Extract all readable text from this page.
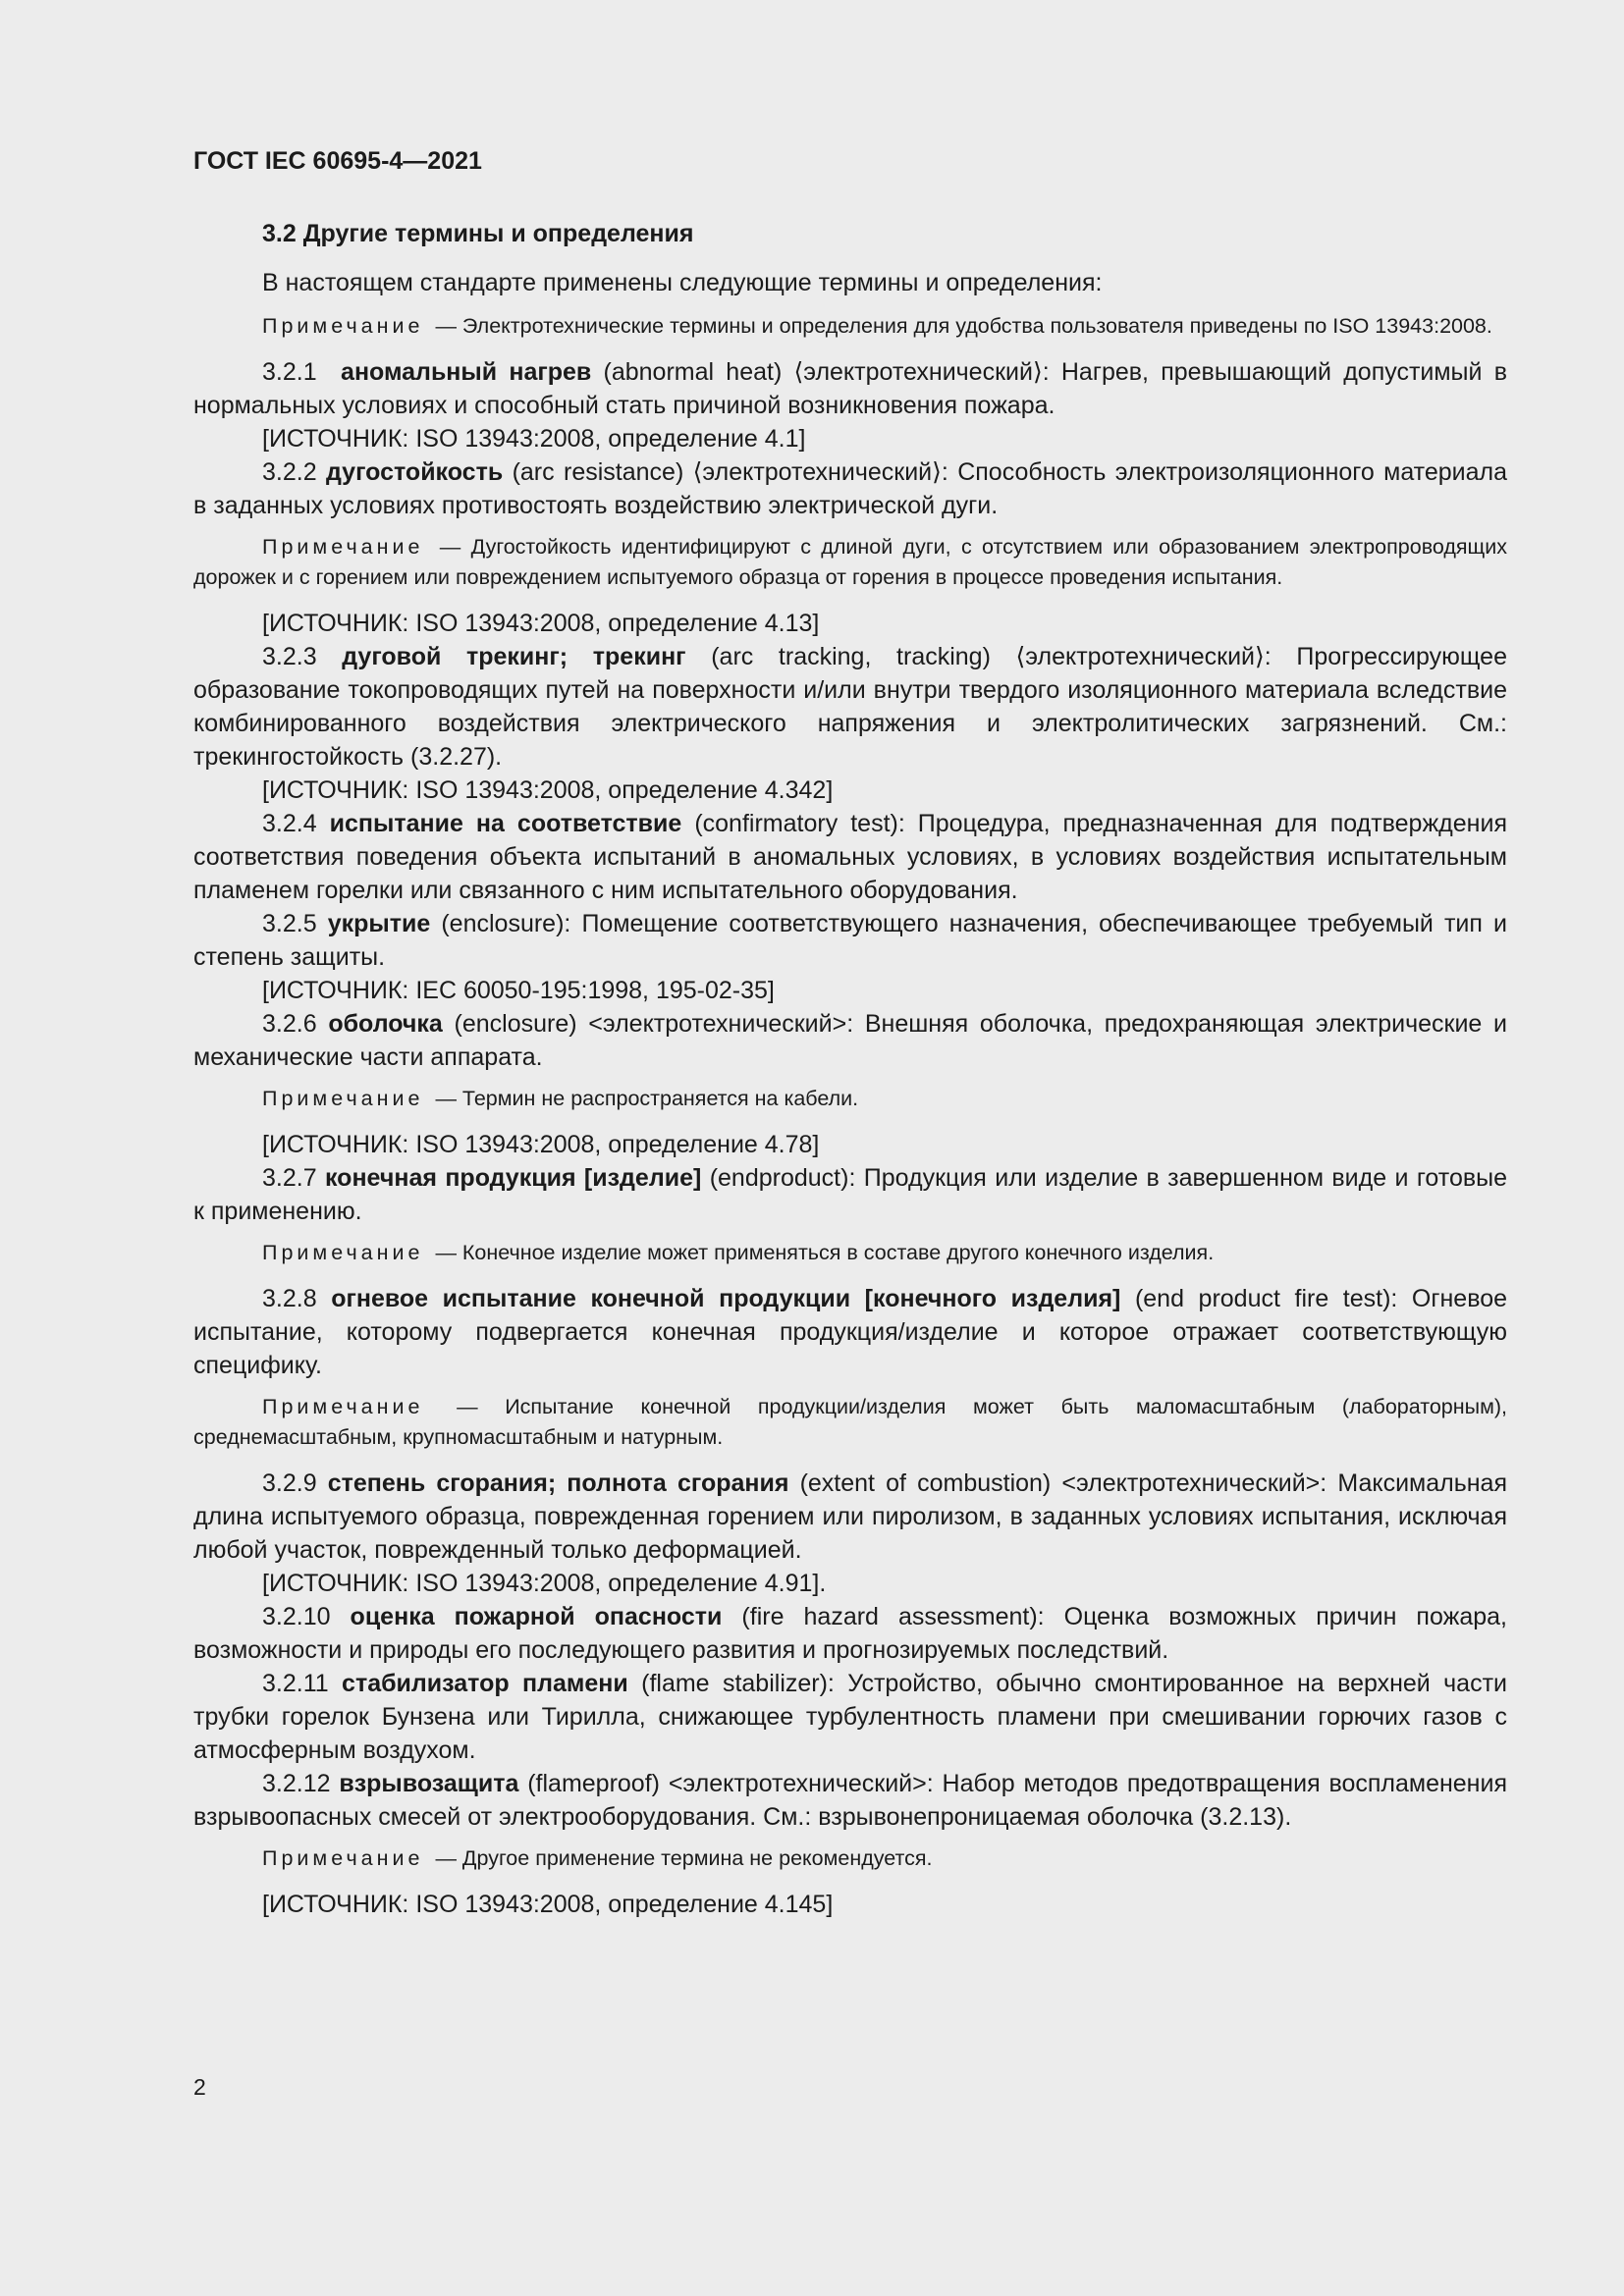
ГОСТ IEC 60695-4—2021
3.2 Другие термины и определения

В настоящем стандарте применены следующие термины и определения:

Примечание — Электротехнические термины и определения для удобства пользователя приведены по ISO 13943:2008.

3.2.1 аномальный нагрев (abnormal heat) ⟨электротехнический⟩: Нагрев, превышающий допустимый в нормальных условиях и способный стать причиной возникновения пожара.

[ИСТОЧНИК: ISO 13943:2008, определение 4.1]

3.2.2 дугостойкость (arc resistance) ⟨электротехнический⟩: Способность электроизоляционного материала в заданных условиях противостоять воздействию электрической дуги.

Примечание — Дугостойкость идентифицируют с длиной дуги, с отсутствием или образованием электропроводящих дорожек и с горением или повреждением испытуемого образца от горения в процессе проведения испытания.

[ИСТОЧНИК: ISO 13943:2008, определение 4.13]

3.2.3 дуговой трекинг; трекинг (arc tracking, tracking) ⟨электротехнический⟩: Прогрессирующее образование токопроводящих путей на поверхности и/или внутри твердого изоляционного материала вследствие комбинированного воздействия электрического напряжения и электролитических загрязнений. См.: трекингостойкость (3.2.27).

[ИСТОЧНИК: ISO 13943:2008, определение 4.342]

3.2.4 испытание на соответствие (confirmatory test): Процедура, предназначенная для подтверждения соответствия поведения объекта испытаний в аномальных условиях, в условиях воздействия испытательным пламенем горелки или связанного с ним испытательного оборудования.

3.2.5 укрытие (enclosure): Помещение соответствующего назначения, обеспечивающее требуемый тип и степень защиты.

[ИСТОЧНИК: IEC 60050-195:1998, 195-02-35]

3.2.6 оболочка (enclosure) <электротехнический>: Внешняя оболочка, предохраняющая электрические и механические части аппарата.

Примечание — Термин не распространяется на кабели.

[ИСТОЧНИК: ISO 13943:2008, определение 4.78]

3.2.7 конечная продукция [изделие] (endproduct): Продукция или изделие в завершенном виде и готовые к применению.

Примечание — Конечное изделие может применяться в составе другого конечного изделия.

3.2.8 огневое испытание конечной продукции [конечного изделия] (end product fire test): Огневое испытание, которому подвергается конечная продукция/изделие и которое отражает соответствующую специфику.

Примечание — Испытание конечной продукции/изделия может быть маломасштабным (лабораторным), среднемасштабным, крупномасштабным и натурным.

3.2.9 степень сгорания; полнота сгорания (extent of combustion) <электротехнический>: Максимальная длина испытуемого образца, поврежденная горением или пиролизом, в заданных условиях испытания, исключая любой участок, поврежденный только деформацией.

[ИСТОЧНИК: ISO 13943:2008, определение 4.91].

3.2.10 оценка пожарной опасности (fire hazard assessment): Оценка возможных причин пожара, возможности и природы его последующего развития и прогнозируемых последствий.

3.2.11 стабилизатор пламени (flame stabilizer): Устройство, обычно смонтированное на верхней части трубки горелок Бунзена или Тирилла, снижающее турбулентность пламени при смешивании горючих газов с атмосферным воздухом.

3.2.12 взрывозащита (flameproof) <электротехнический>: Набор методов предотвращения воспламенения взрывоопасных смесей от электрооборудования. См.: взрывонепроницаемая оболочка (3.2.13).

Примечание — Другое применение термина не рекомендуется.

[ИСТОЧНИК: ISO 13943:2008, определение 4.145]

2
